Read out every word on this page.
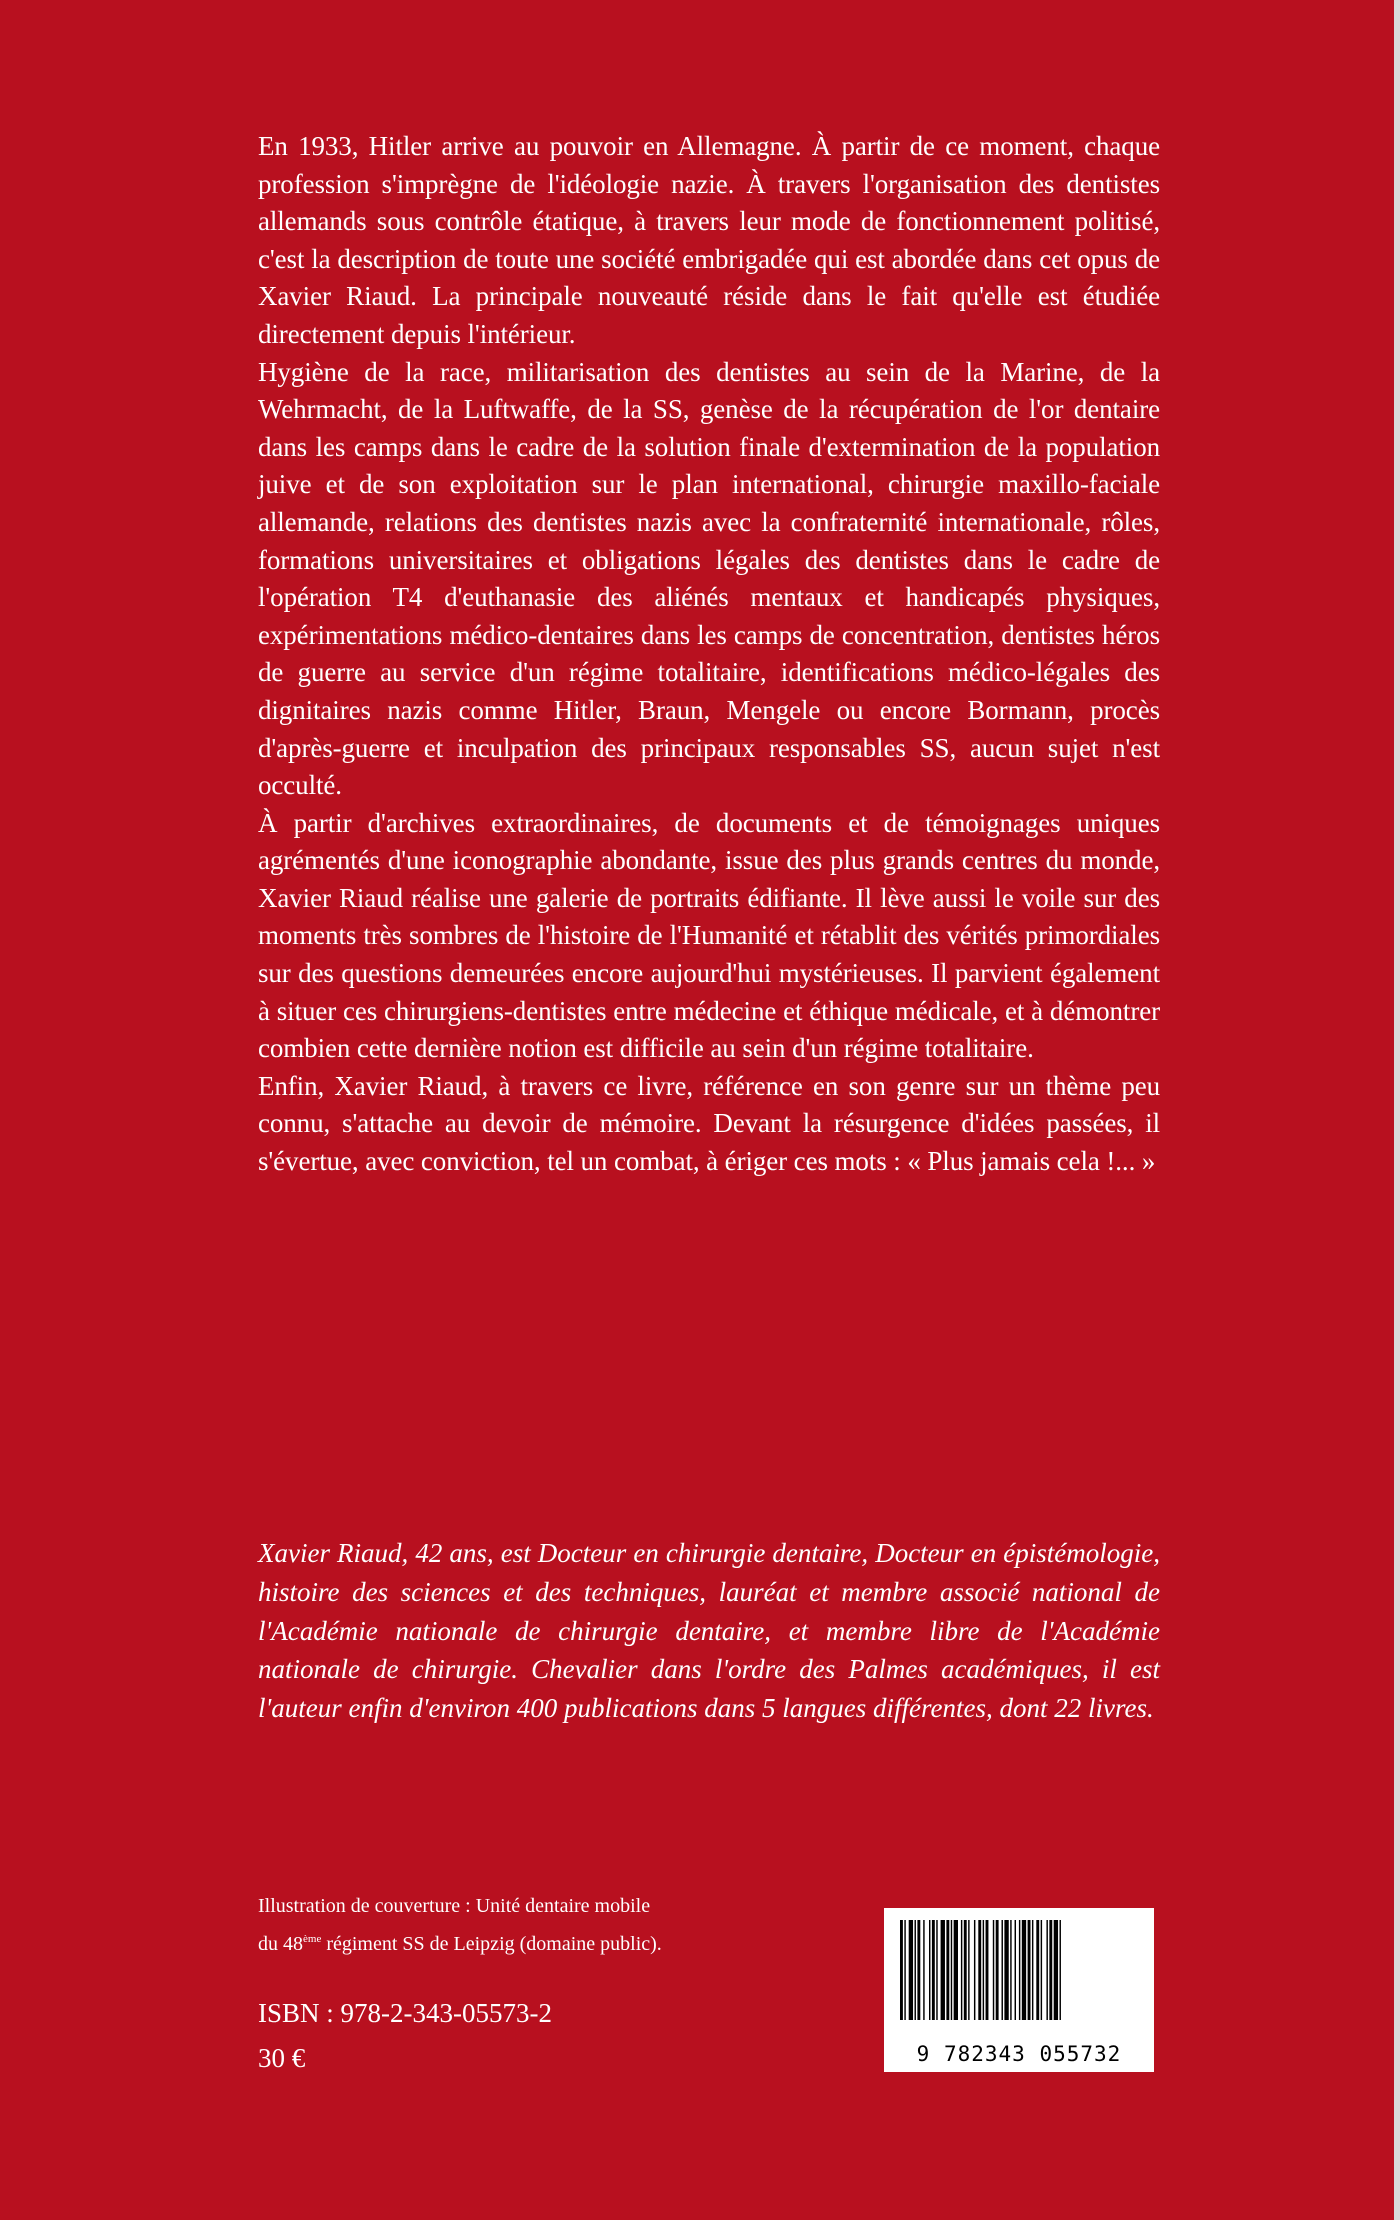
En 1933, Hitler arrive au pouvoir en Allemagne. À partir de ce moment, chaque profession s'imprègne de l'idéologie nazie. À travers l'organisation des dentistes allemands sous contrôle étatique, à travers leur mode de fonctionnement politisé, c'est la description de toute une société embrigadée qui est abordée dans cet opus de Xavier Riaud. La principale nouveauté réside dans le fait qu'elle est étudiée directement depuis l'intérieur.

Hygiène de la race, militarisation des dentistes au sein de la Marine, de la Wehrmacht, de la Luftwaffe, de la SS, genèse de la récupération de l'or dentaire dans les camps dans le cadre de la solution finale d'extermination de la population juive et de son exploitation sur le plan international, chirurgie maxillo-faciale allemande, relations des dentistes nazis avec la confraternité internationale, rôles, formations universitaires et obligations légales des dentistes dans le cadre de l'opération T4 d'euthanasie des aliénés mentaux et handicapés physiques, expérimentations médico-dentaires dans les camps de concentration, dentistes héros de guerre au service d'un régime totalitaire, identifications médico-légales des dignitaires nazis comme Hitler, Braun, Mengele ou encore Bormann, procès d'après-guerre et inculpation des principaux responsables SS, aucun sujet n'est occulté.

À partir d'archives extraordinaires, de documents et de témoignages uniques agrémentés d'une iconographie abondante, issue des plus grands centres du monde, Xavier Riaud réalise une galerie de portraits édifiante. Il lève aussi le voile sur des moments très sombres de l'histoire de l'Humanité et rétablit des vérités primordiales sur des questions demeurées encore aujourd'hui mystérieuses. Il parvient également à situer ces chirurgiens-dentistes entre médecine et éthique médicale, et à démontrer combien cette dernière notion est difficile au sein d'un régime totalitaire.

Enfin, Xavier Riaud, à travers ce livre, référence en son genre sur un thème peu connu, s'attache au devoir de mémoire. Devant la résurgence d'idées passées, il s'évertue, avec conviction, tel un combat, à ériger ces mots : « Plus jamais cela !... »

Xavier Riaud, 42 ans, est Docteur en chirurgie dentaire, Docteur en épistémologie, histoire des sciences et des techniques, lauréat et membre associé national de l'Académie nationale de chirurgie dentaire, et membre libre de l'Académie nationale de chirurgie. Chevalier dans l'ordre des Palmes académiques, il est l'auteur enfin d'environ 400 publications dans 5 langues différentes, dont 22 livres.

Illustration de couverture : Unité dentaire mobile
du 48ème régiment SS de Leipzig (domaine public).

ISBN : 978-2-343-05573-2

30 €	9 782343 055732
